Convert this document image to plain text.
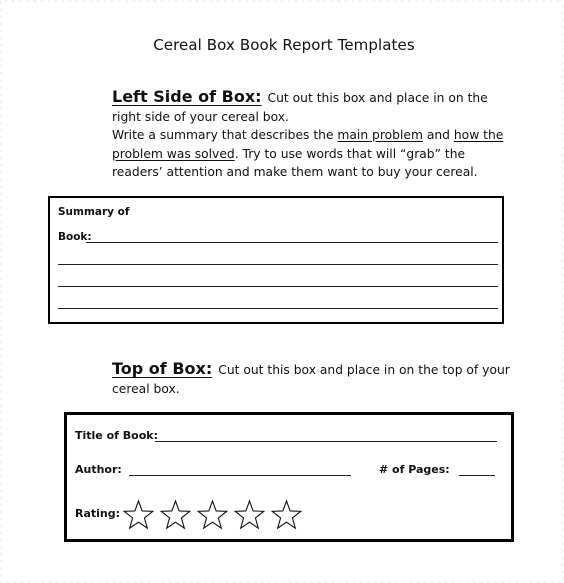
Cereal Box Book Report Templates
Left Side of Box: Cut out this box and place in on the right side of your cereal box.
Write a summary that describes the main problem and how the problem was solved. Try to use words that will “grab” the readers’ attention and make them want to buy your cereal.
Summary of
Book:
Top of Box: Cut out this box and place in on the top of your cereal box.
Title of Book:
Author:	# of Pages:
Rating:
